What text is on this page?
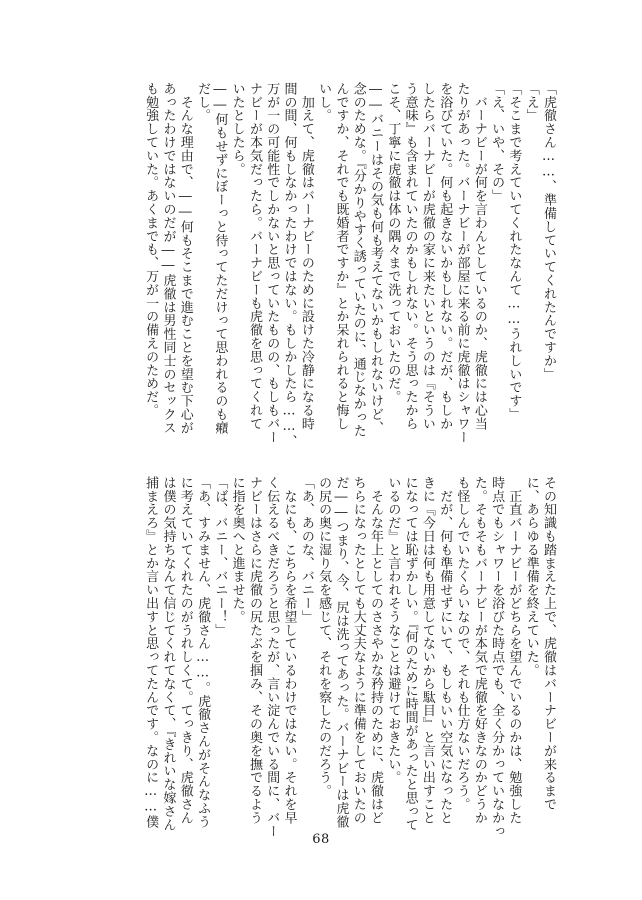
「虎徹さん……、準備していてくれたんですか」
「え」
「そこまで考えていてくれたなんて……うれしいです」
「え、いや、その」
　バーナビーが何を言わんとしているのか、虎徹には心当
たりがあった。バーナビーが部屋に来る前に虎徹はシャワー
を浴びていた。何も起きないかもしれない。だが、もしか
したらバーナビーが虎徹の家に来たいというのは『そうい
う意味』も含まれていたのかもしれない。そう思ったから
こそ、丁寧に虎徹は体の隅々まで洗っておいたのだ。
――バニーはその気も何も考えてないかもしれないけど、
念のためな。『分かりやすく誘っていたのに、通じなかった
んですか、それでも既婚者ですか』とか呆れられると悔し
いし。
　加えて、虎徹はバーナビーのために設けた冷静になる時
間の間、何もしなかったわけではない。もしかしたら……、
万が一の可能性でしかないと思っていたものの、もしもバー
ナビーが本気だったら。バーナビーも虎徹を思ってくれて
いたとしたら。
――何もせずにぼーっと待ってただけって思われるのも癪
だし。
　そんな理由で、――何もそこまで進むことを望む下心が
あったわけではないのだが――虎徹は男性同士のセックス
も勉強していた。あくまでも、万が一の備えのためだ。
その知識も踏まえた上で、虎徹はバーナビーが来るまで
に、あらゆる準備を終えていた。
　正直バーナビーがどちらを望んでいるのかは、勉強した
時点でもシャワーを浴びた時点でも、全く分かっていなかっ
た。そもそもバーナビーが本気で虎徹を好きなのかどうか
も怪しんでいたくらいなので、それも仕方ないだろう。
　だが、何も準備せずにいて、もしもいい空気になったと
きに『今日は何も用意してないから駄目』と言い出すこと
になっては恥ずかしい。『何のために時間があったと思って
いるのだ』と言われそうなことは避けておきたい。
　そんな年上としてのささやかな矜持のために、虎徹はど
ちらになったとしても大丈夫なように準備をしておいたの
だ――つまり、今、尻は洗ってあった。バーナビーは虎徹
の尻の奥に湿り気を感じて、それを察したのだろう。
「あ、あのな、バニー」
　なにも、こちらを希望しているわけではない。それを早
く伝えるべきだろうと思ったが、言い淀んでいる間に、バー
ナビーはさらに虎徹の尻たぶを掴み、その奥を撫でるよう
に指を奥へと進ませた。
「ば、バニー、バニー！」
「あ、すみません、虎徹さん……。虎徹さんがそんなふう
に考えていてくれたのがうれしくて。てっきり、虎徹さん
は僕の気持ちなんて信じてくれてなくて、『きれいな嫁さん
捕まえろ』とか言い出すと思ってたんです。なのに……僕
68
